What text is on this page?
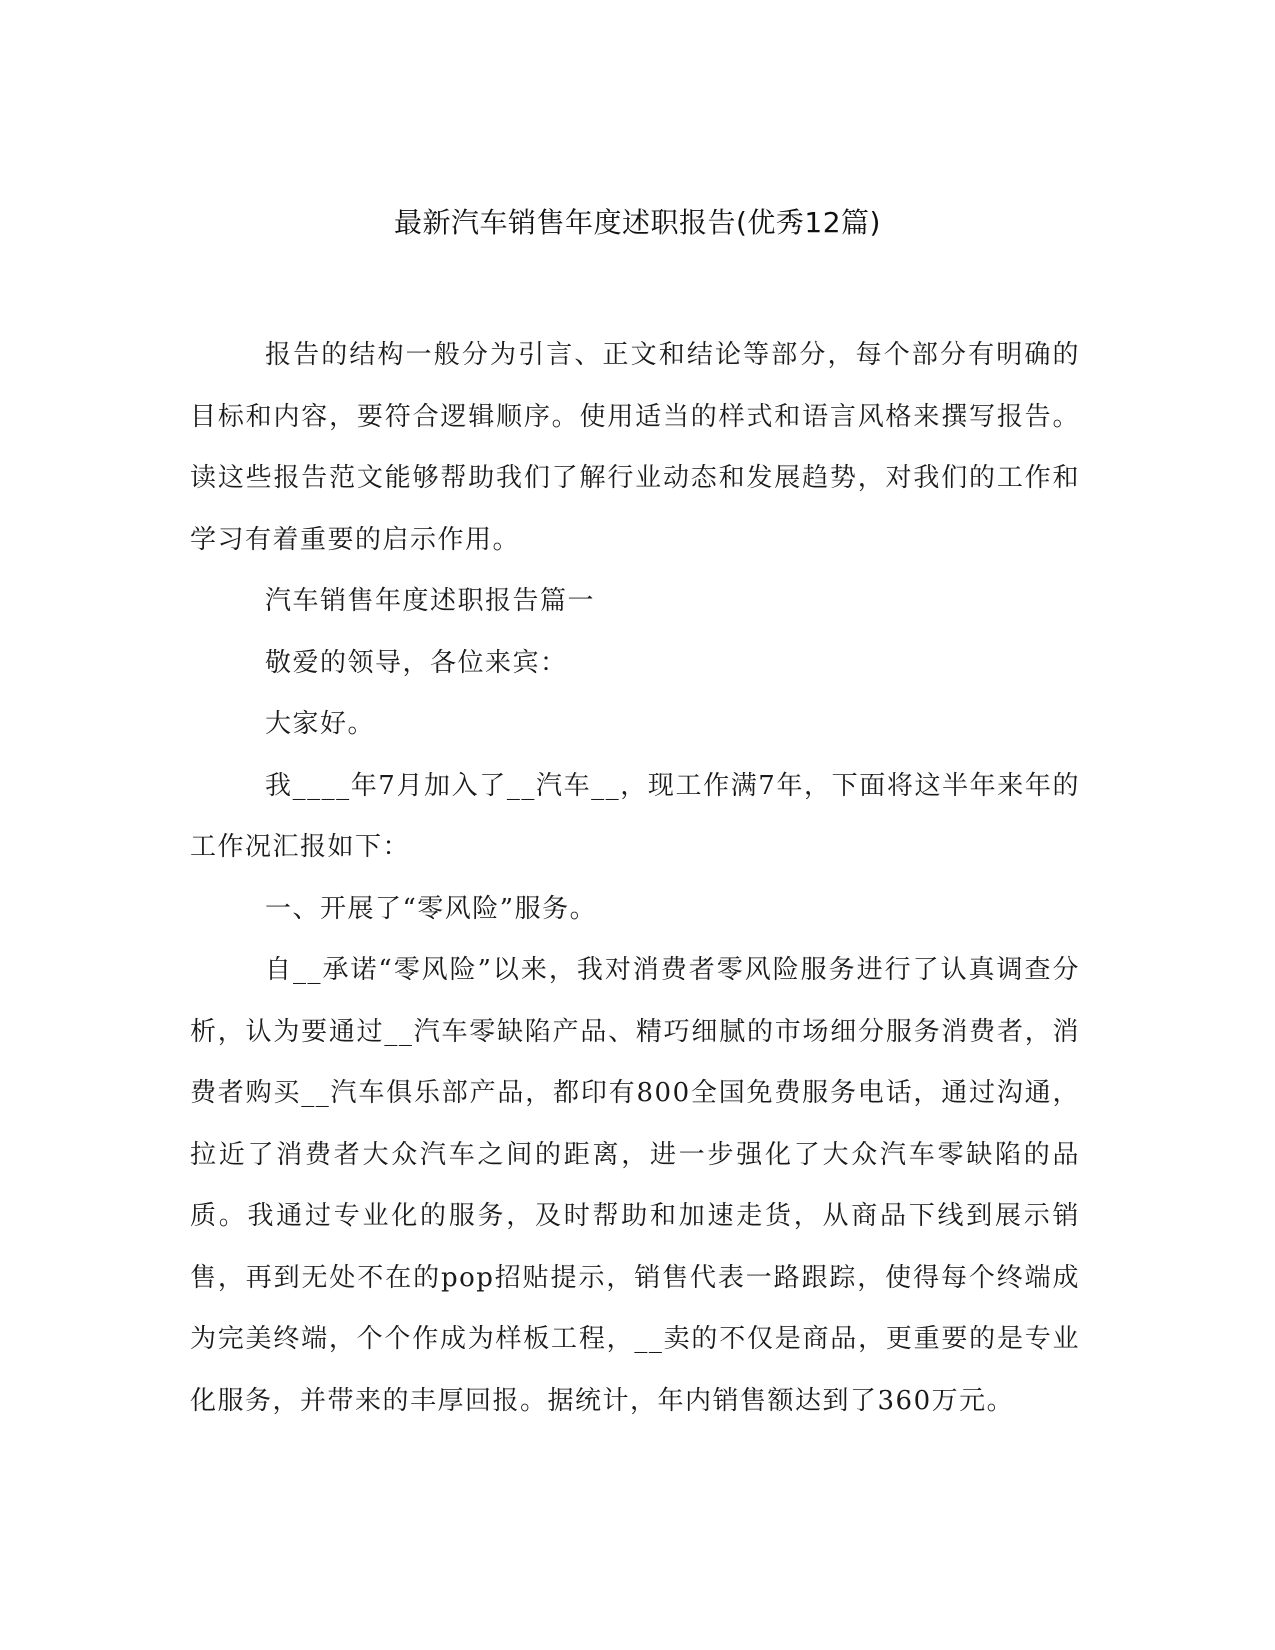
最新汽车销售年度述职报告(优秀12篇)

报告的结构一般分为引言、正文和结论等部分，每个部分有明确的目标和内容，要符合逻辑顺序。使用适当的样式和语言风格来撰写报告。读这些报告范文能够帮助我们了解行业动态和发展趋势，对我们的工作和学习有着重要的启示作用。

汽车销售年度述职报告篇一

敬爱的领导，各位来宾：

大家好。

我____年7月加入了__汽车__，现工作满7年，下面将这半年来年的工作况汇报如下：

一、开展了“零风险”服务。

自__承诺“零风险”以来，我对消费者零风险服务进行了认真调查分析，认为要通过__汽车零缺陷产品、精巧细腻的市场细分服务消费者，消费者购买__汽车俱乐部产品，都印有800全国免费服务电话，通过沟通，拉近了消费者大众汽车之间的距离，进一步强化了大众汽车零缺陷的品质。我通过专业化的服务，及时帮助和加速走货，从商品下线到展示销售，再到无处不在的pop招贴提示，销售代表一路跟踪，使得每个终端成为完美终端，个个作成为样板工程，__卖的不仅是商品，更重要的是专业化服务，并带来的丰厚回报。据统计，年内销售额达到了360万元。
